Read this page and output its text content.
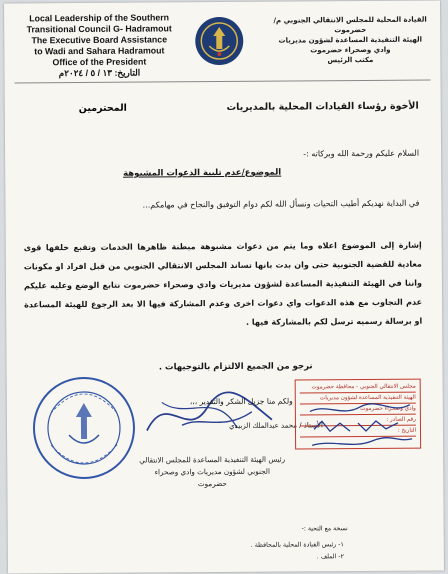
Local Leadership of the Southern
Transitional Council G- Hadramout
The Executive Board Assistance
to Wadi and Sahara Hadramout
Office of the President
التاريخ: ١٣ / ٥ / ٢٠٢٤م
القيادة المحلية للمجلس الانتقالي الجنوبي م/ حضرموت
الهيئة التنفيذية المساعدة لشؤون مديريات
وادي وصحراء حضرموت
مكتب الرئيس
الأخوة رؤساء القيادات المحلية بالمديريات
المحترمين
السلام عليكم ورحمة الله وبركاته :-
الموضوع/عدم تلبية الدعوات المشبوهة
في البداية نهديكم أطيب التحيات ونسأل الله لكم دوام التوفيق والنجاح في مهامكم...
إشارة إلى الموضوع اعلاه وما يتم من دعوات مشبوهة مبطنة ظاهرها الخدمات وتقبع خلفها قوى معادية للقضية الجنوبية حتى وان بدت بانها تساند المجلس الانتقالي الجنوبي من قبل افراد او مكونات واننا في الهيئة التنفيذية المساعدة لشؤون مديريات وادي وصحراء حضرموت نتابع الوضع وعليه عليكم عدم التجاوب مع هذه الدعوات واي دعوات اخرى وعدم المشاركة فيها الا بعد الرجوع للهيئة المساعدة او برسالة رسميه ترسل لكم بالمشاركة فيها .
نرجو من الجميع الالتزام بالتوجيهات .
ولكم منا جزيل الشكر والتقدير ،،،
الأستاذ / محمد عبدالملك الزبيدي
رئيس الهيئة التنفيذية المساعدة للمجلس الانتقالي
الجنوبي لشؤون مديريات وادي وصحراء
حضرموت
مجلس الانتقالي الجنوبي - محافظة حضرموت
الهيئة التنفيذية المساعدة لشؤون مديريات
وادي وصحراء حضرموت
رقم الصادر :
التاريخ :
نسخة مع التحية :-
١- رئيس القيادة المحلية بالمحافظة .
٢- الملف .
